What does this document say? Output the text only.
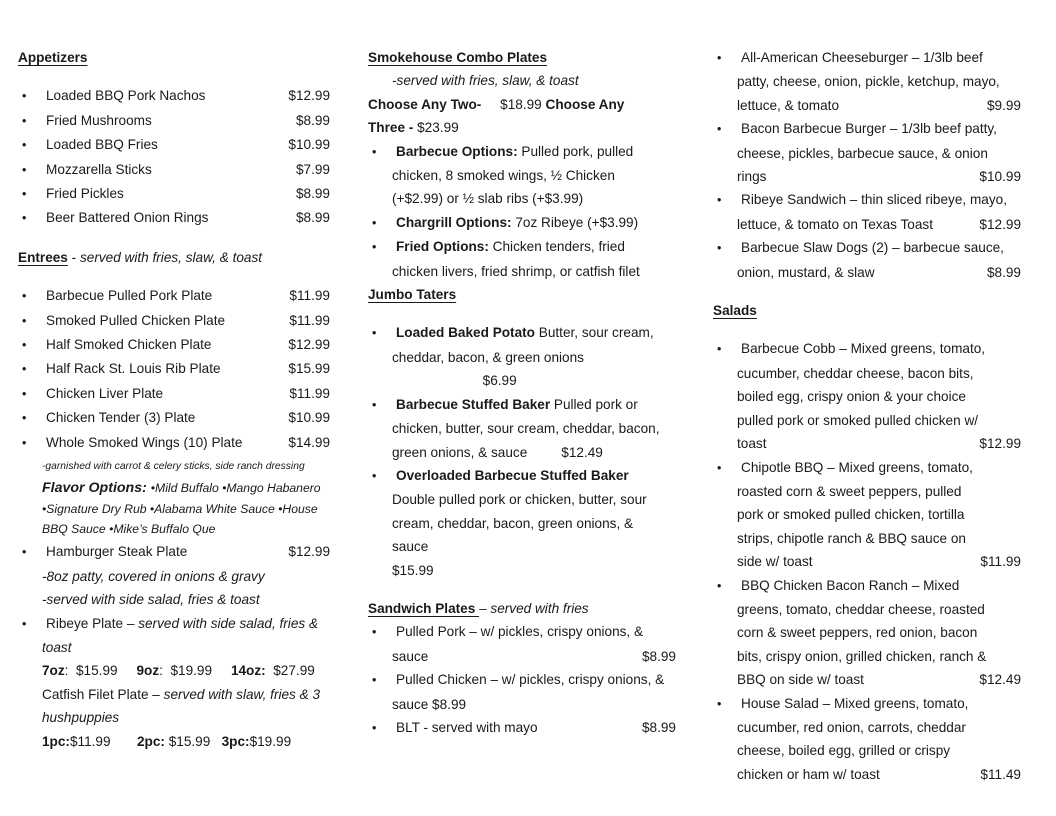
Appetizers
•	Loaded BBQ Pork Nachos	$12.99
•	Fried Mushrooms	$8.99
•	Loaded BBQ Fries	$10.99
•	Mozzarella Sticks	$7.99
•	Fried Pickles	$8.99
•	Beer Battered Onion Rings	$8.99
Entrees - served with fries, slaw, & toast
•	Barbecue Pulled Pork Plate	$11.99
•	Smoked Pulled Chicken Plate	$11.99
•	Half Smoked Chicken Plate	$12.99
•	Half Rack St. Louis Rib Plate	$15.99
•	Chicken Liver Plate	$11.99
•	Chicken Tender (3) Plate	$10.99
•	Whole Smoked Wings (10) Plate	$14.99
-garnished with carrot & celery sticks, side ranch dressing
Flavor Options: •Mild Buffalo •Mango Habanero
•Signature Dry Rub •Alabama White Sauce •House
BBQ Sauce •Mike’s Buffalo Que
•	Hamburger Steak Plate	$12.99
-8oz patty, covered in onions & gravy
-served with side salad, fries & toast
•	Ribeye Plate – served with side salad, fries &
toast
7oz:  $15.99     9oz:  $19.99     14oz:  $27.99
Catfish Filet Plate – served with slaw, fries & 3
hushpuppies
1pc:$11.99       2pc: $15.99   3pc:$19.99
Smokehouse Combo Plates
-served with fries, slaw, & toast
Choose Any Two-     $18.99 Choose Any
Three - $23.99
•	Barbecue Options: Pulled pork, pulled
chicken, 8 smoked wings, ½ Chicken
(+$2.99) or ½ slab ribs (+$3.99)
•	Chargrill Options: 7oz Ribeye (+$3.99)
•	Fried Options: Chicken tenders, fried
chicken livers, fried shrimp, or catfish filet
Jumbo Taters
•	Loaded Baked Potato Butter, sour cream,
cheddar, bacon, & green onions
$6.99
•	Barbecue Stuffed Baker Pulled pork or
chicken, butter, sour cream, cheddar, bacon,
green onions, & sauce         $12.49
•	Overloaded Barbecue Stuffed Baker
Double pulled pork or chicken, butter, sour
cream, cheddar, bacon, green onions, &
sauce
$15.99
Sandwich Plates – served with fries
•	Pulled Pork – w/ pickles, crispy onions, &
sauce	$8.99
•	Pulled Chicken – w/ pickles, crispy onions, &
sauce $8.99
•	BLT - served with mayo	$8.99
•	All-American Cheeseburger – 1/3lb beef
patty, cheese, onion, pickle, ketchup, mayo,
lettuce, & tomato	$9.99
•	Bacon Barbecue Burger – 1/3lb beef patty,
cheese, pickles, barbecue sauce, & onion
rings	$10.99
•	Ribeye Sandwich – thin sliced ribeye, mayo,
lettuce, & tomato on Texas Toast	$12.99
•	Barbecue Slaw Dogs (2) – barbecue sauce,
onion, mustard, & slaw	$8.99
Salads
•	Barbecue Cobb – Mixed greens, tomato,
cucumber, cheddar cheese, bacon bits,
boiled egg, crispy onion & your choice
pulled pork or smoked pulled chicken w/
toast	$12.99
•	Chipotle BBQ – Mixed greens, tomato,
roasted corn & sweet peppers, pulled
pork or smoked pulled chicken, tortilla
strips, chipotle ranch & BBQ sauce on
side w/ toast	$11.99
•	BBQ Chicken Bacon Ranch – Mixed
greens, tomato, cheddar cheese, roasted
corn & sweet peppers, red onion, bacon
bits, crispy onion, grilled chicken, ranch &
BBQ on side w/ toast	$12.49
•	House Salad – Mixed greens, tomato,
cucumber, red onion, carrots, cheddar
cheese, boiled egg, grilled or crispy
chicken or ham w/ toast	$11.49
